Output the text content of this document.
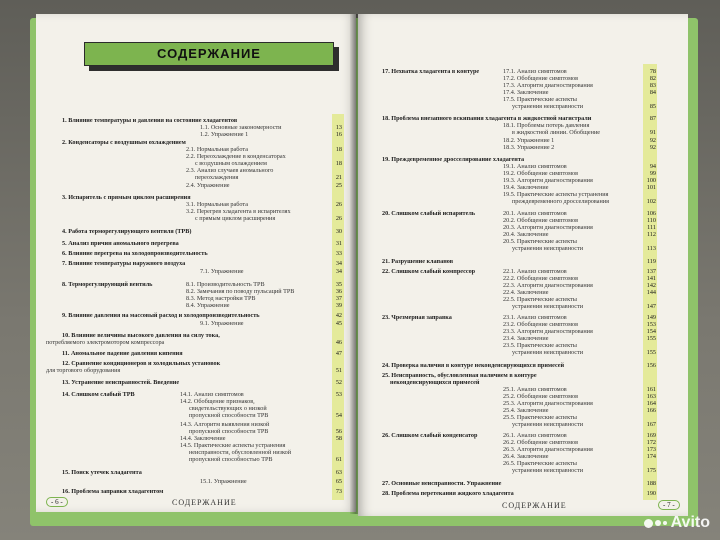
СОДЕРЖАНИЕ
СОДЕРЖАНИЕ
- 6 -
1. Влияние температуры и давления на состояние хладагентов
1.1. Основные закономерности	13
1.2. Упражнение 1	16
2. Конденсаторы с воздушным охлаждением
2.1. Нормальная работа	18
2.2. Переохлаждение в конденсаторах
с воздушным охлаждением	18
2.3. Анализ случаев аномального
переохлаждения	21
2.4. Упражнение	25
3. Испаритель с прямым циклом расширения
3.1. Нормальная работа	26
3.2. Перегрев хладагента в испарителях
с прямым циклом расширения	26
4. Работа терморегулирующего вентиля (ТРВ)	30
5. Анализ причин аномального перегрева	31
6. Влияние перегрева на холодопроизводительность	33
7. Влияние температуры наружного воздуха	34
7.1. Упражнение	34
8. Терморегулирующий вентиль	8.1. Производительность ТРВ	35
8.2. Замечания по поводу пульсаций ТРВ	36
8.3. Метод настройки ТРВ	37
8.4. Упражнение	39
9. Влияние давления на массовый расход и холодопроизводительность	42
9.1. Упражнение	45
10. Влияние величины высокого давления на силу тока,
потребляемого электромотором компрессора	46
11. Аномальное падение давления кипения	47
12. Сравнение кондиционеров и холодильных установок
для торгового оборудования	51
13. Устранение неисправностей. Введение	52
14. Слишком слабый ТРВ	14.1. Анализ симптомов	53
14.2. Обобщение признаков,
свидетельствующих о низкой
пропускной способности ТРВ	54
14.3. Алгоритм выявления низкой
пропускной способности ТРВ	56
14.4. Заключение	58
14.5. Практические аспекты устранения
неисправности, обусловленной низкой
пропускной способностью ТРВ	61
15. Поиск утечек хладагента	63
15.1. Упражнение	65
16. Проблема заправки хладагентом	73
СОДЕРЖАНИЕ	- 7 -
17. Нехватка хладагента в контуре	17.1. Анализ симптомов	78
17.2. Обобщение симптомов	82
17.3. Алгоритм диагностирования	83
17.4. Заключение	84
17.5. Практические аспекты
устранения неисправности	85
18. Проблема внезапного вскипания хладагента в жидкостной магистрали	87
18.1. Проблемы потерь давления
в жидкостной линии. Обобщение	91
18.2. Упражнение 1	92
18.3. Упражнение 2	92
19. Преждевременное дросселирование хладагента
19.1. Анализ симптомов	94
19.2. Обобщение симптомов	99
19.3. Алгоритм диагностирования	100
19.4. Заключение	101
19.5. Практические аспекты устранения
преждевременного дросселирования	102
20. Слишком слабый испаритель	20.1. Анализ симптомов	106
20.2. Обобщение симптомов	110
20.3. Алгоритм диагностирования	111
20.4. Заключение	112
20.5. Практические аспекты
устранения неисправности	113
21. Разрушение клапанов	119
22. Слишком слабый компрессор	22.1. Анализ симптомов	137
22.2. Обобщение симптомов	141
22.3. Алгоритм диагностирования	142
22.4. Заключение	144
22.5. Практические аспекты
устранения неисправности	147
23. Чрезмерная заправка	23.1. Анализ симптомов	149
23.2. Обобщение симптомов	153
23.3. Алгоритм диагностирования	154
23.4. Заключение	155
23.5. Практические аспекты
устранения неисправности	155
24. Проверка наличия в контуре неконденсирующихся примесей	156
25. Неисправность, обусловленная наличием в контуре
неконденсирующихся примесей
25.1. Анализ симптомов	161
25.2. Обобщение симптомов	163
25.3. Алгоритм диагностирования	164
25.4. Заключение	166
25.5. Практические аспекты
устранения неисправности	167
26. Слишком слабый конденсатор	26.1. Анализ симптомов	169
26.2. Обобщение симптомов	172
26.3. Алгоритм диагностирования	173
26.4. Заключение	174
26.5. Практические аспекты
устранения неисправности	175
27. Основные неисправности. Упражнение	188
28. Проблема перетекания жидкого хладагента	190
Avito
